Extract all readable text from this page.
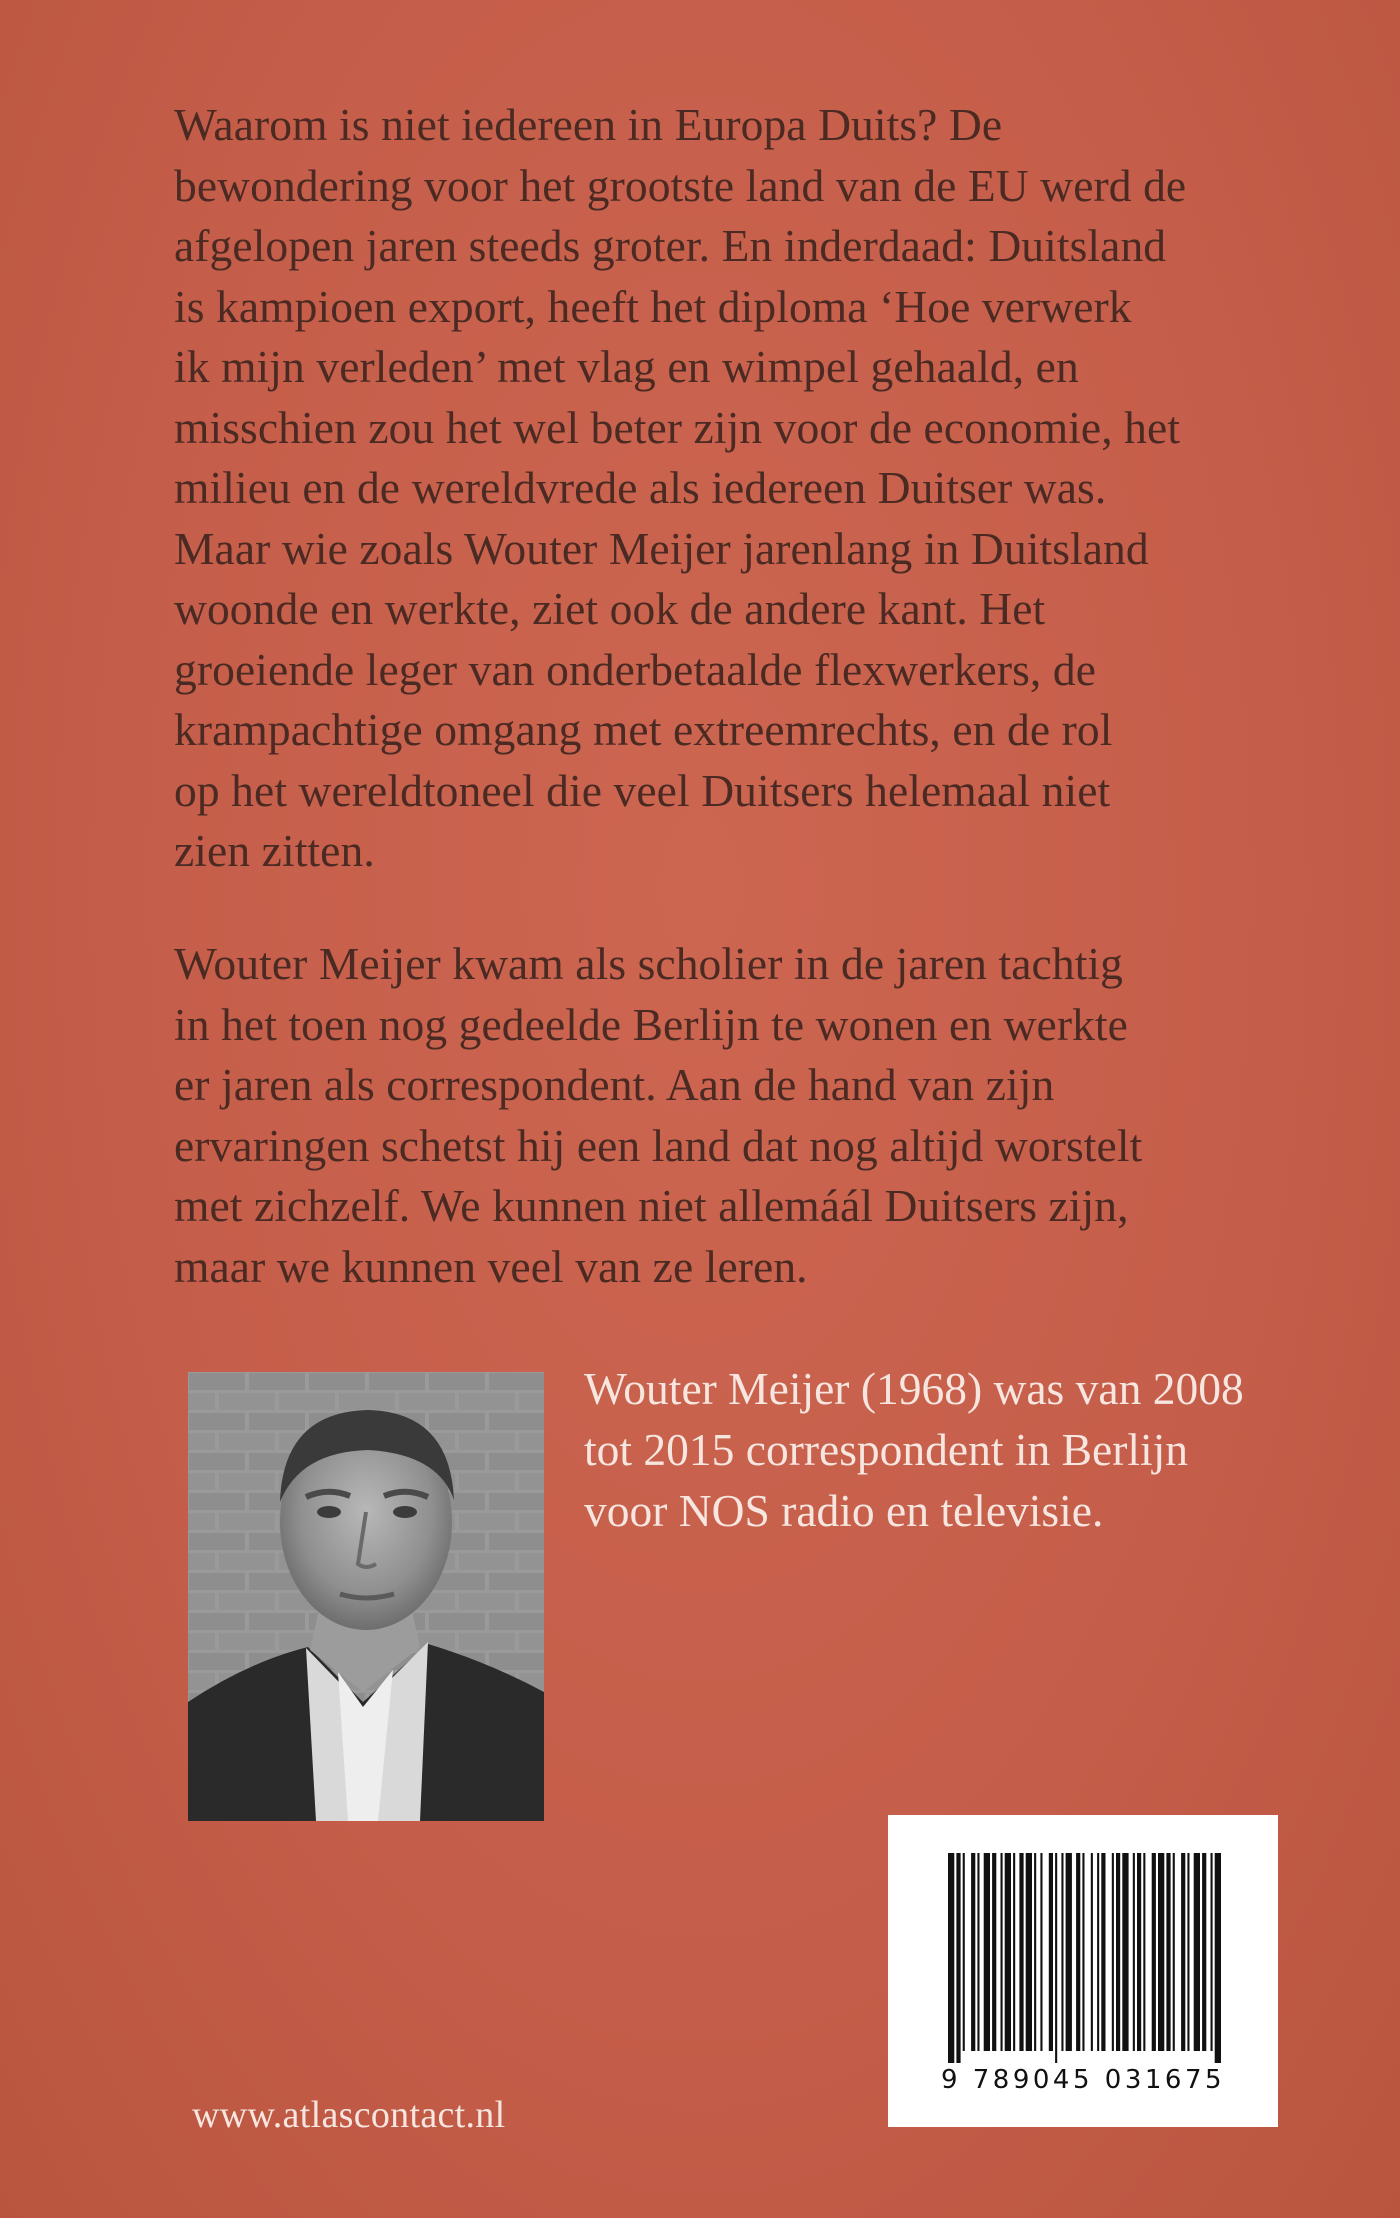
Waarom is niet iedereen in Europa Duits? De
bewondering voor het grootste land van de EU werd de
afgelopen jaren steeds groter. En inderdaad: Duitsland
is kampioen export, heeft het diploma ‘Hoe verwerk
ik mijn verleden’ met vlag en wimpel gehaald, en
misschien zou het wel beter zijn voor de economie, het
milieu en de wereldvrede als iedereen Duitser was.
Maar wie zoals Wouter Meijer jarenlang in Duitsland
woonde en werkte, ziet ook de andere kant. Het
groeiende leger van onderbetaalde flexwerkers, de
krampachtige omgang met extreemrechts, en de rol
op het wereldtoneel die veel Duitsers helemaal niet
zien zitten.

Wouter Meijer kwam als scholier in de jaren tachtig
in het toen nog gedeelde Berlijn te wonen en werkte
er jaren als correspondent. Aan de hand van zijn
ervaringen schetst hij een land dat nog altijd worstelt
met zichzelf. We kunnen niet allemáál Duitsers zijn,
maar we kunnen veel van ze leren.

Wouter Meijer (1968) was van 2008
tot 2015 correspondent in Berlijn
voor NOS radio en televisie.

9 789045 031675
www.atlascontact.nl
